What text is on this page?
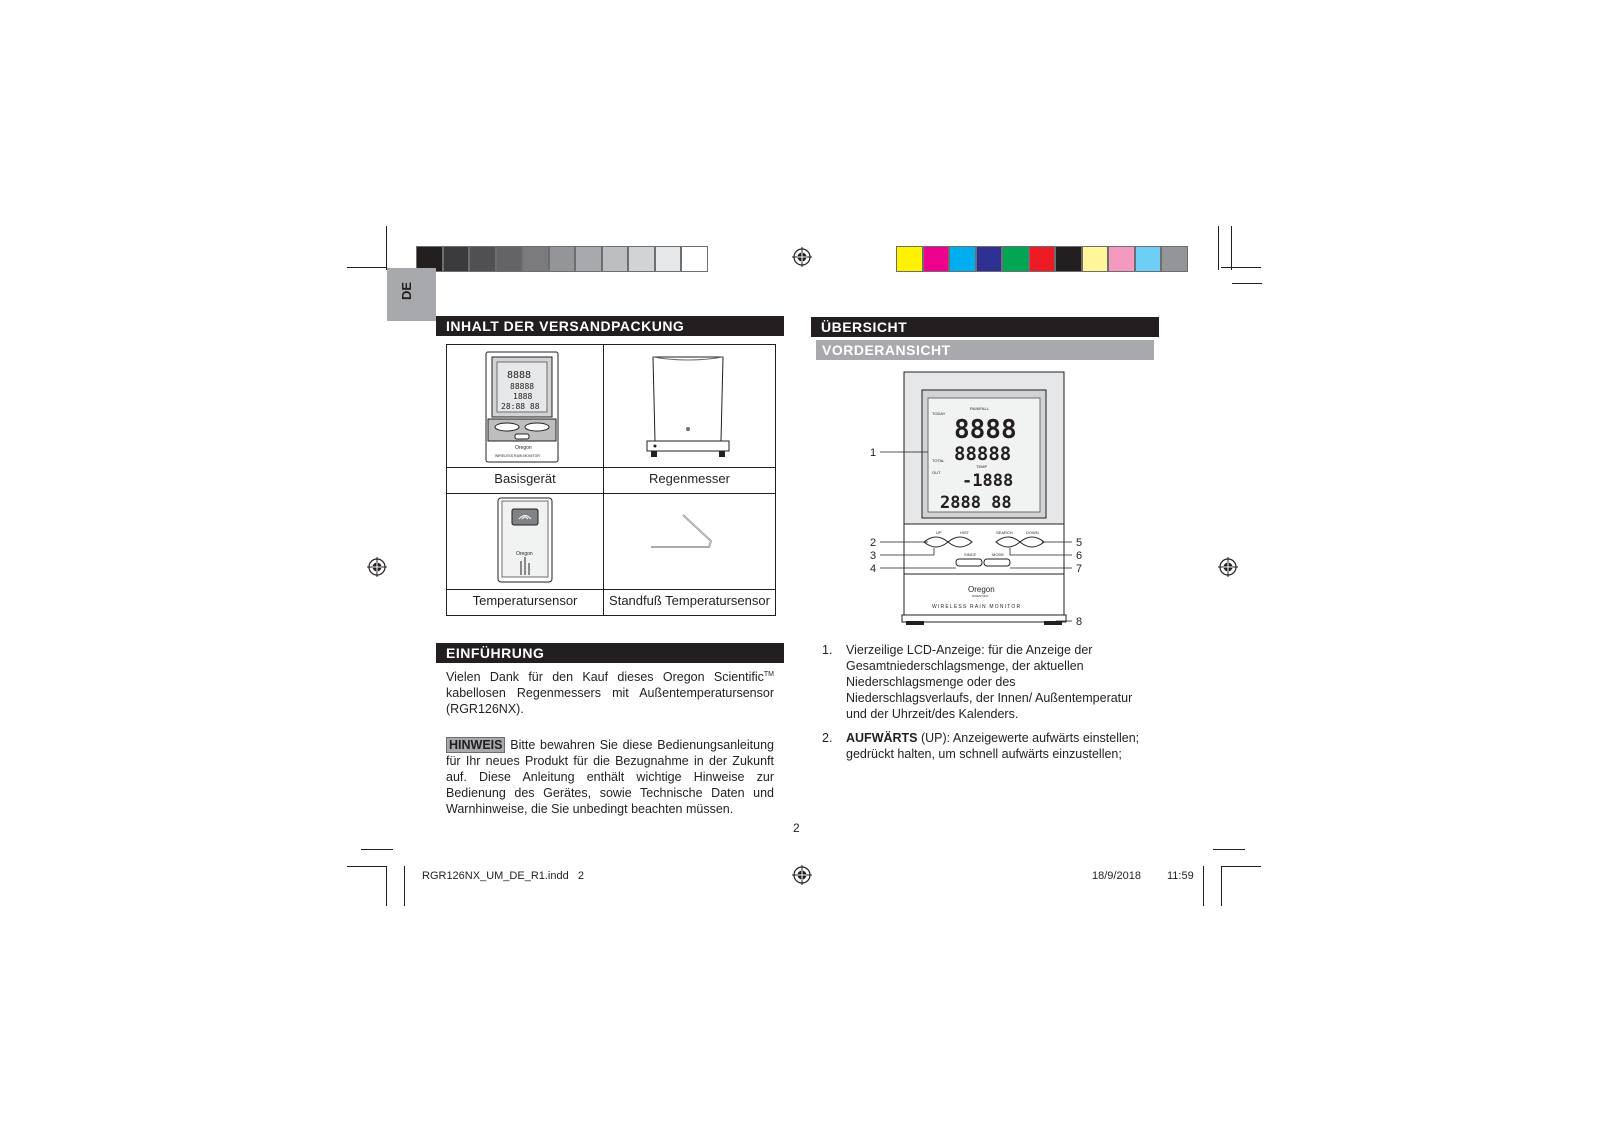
DE
INHALT DER VERSANDPACKUNG
8888
88888
1888
28:88 88
Oregon
WIRELESS RAIN MONITOR
Oregon
Basisgerät	Regenmesser
Temperatursensor	Standfuß Temperatursensor
EINFÜHRUNG
Vielen Dank für den Kauf dieses Oregon Scientific™ kabellosen Regenmessers mit Außentemperatursensor (RGR126NX).
HINWEIS Bitte bewahren Sie diese Bedienungsanleitung für Ihr neues Produkt für die Bezugnahme in der Zukunft auf. Diese Anleitung enthält wichtige Hinweise zur Bedienung des Gerätes, sowie Technische Daten und Warnhinweise, die Sie unbedingt beachten müssen.
2
ÜBERSICHT
VORDERANSICHT
RAINFALL
TODAY
8888
TOTAL 88888
TEMP
OUT -1888
2888 88
UP	HIST	SEARCH	DOWN
SINCE	MODE
Oregon
SCIENTIFIC
WIRELESS RAIN MONITOR
1
2
3
4
5
6
7
8
1. Vierzeilige LCD-Anzeige: für die Anzeige der Gesamtniederschlagsmenge, der aktuellen Niederschlagsmenge oder des Niederschlagsverlaufs, der Innen/ Außentemperatur und der Uhrzeit/des Kalenders.
2. AUFWÄRTS (UP): Anzeigewerte aufwärts einstellen; gedrückt halten, um schnell aufwärts einzustellen;
RGR126NX_UM_DE_R1.indd   2	18/9/2018 11:59
